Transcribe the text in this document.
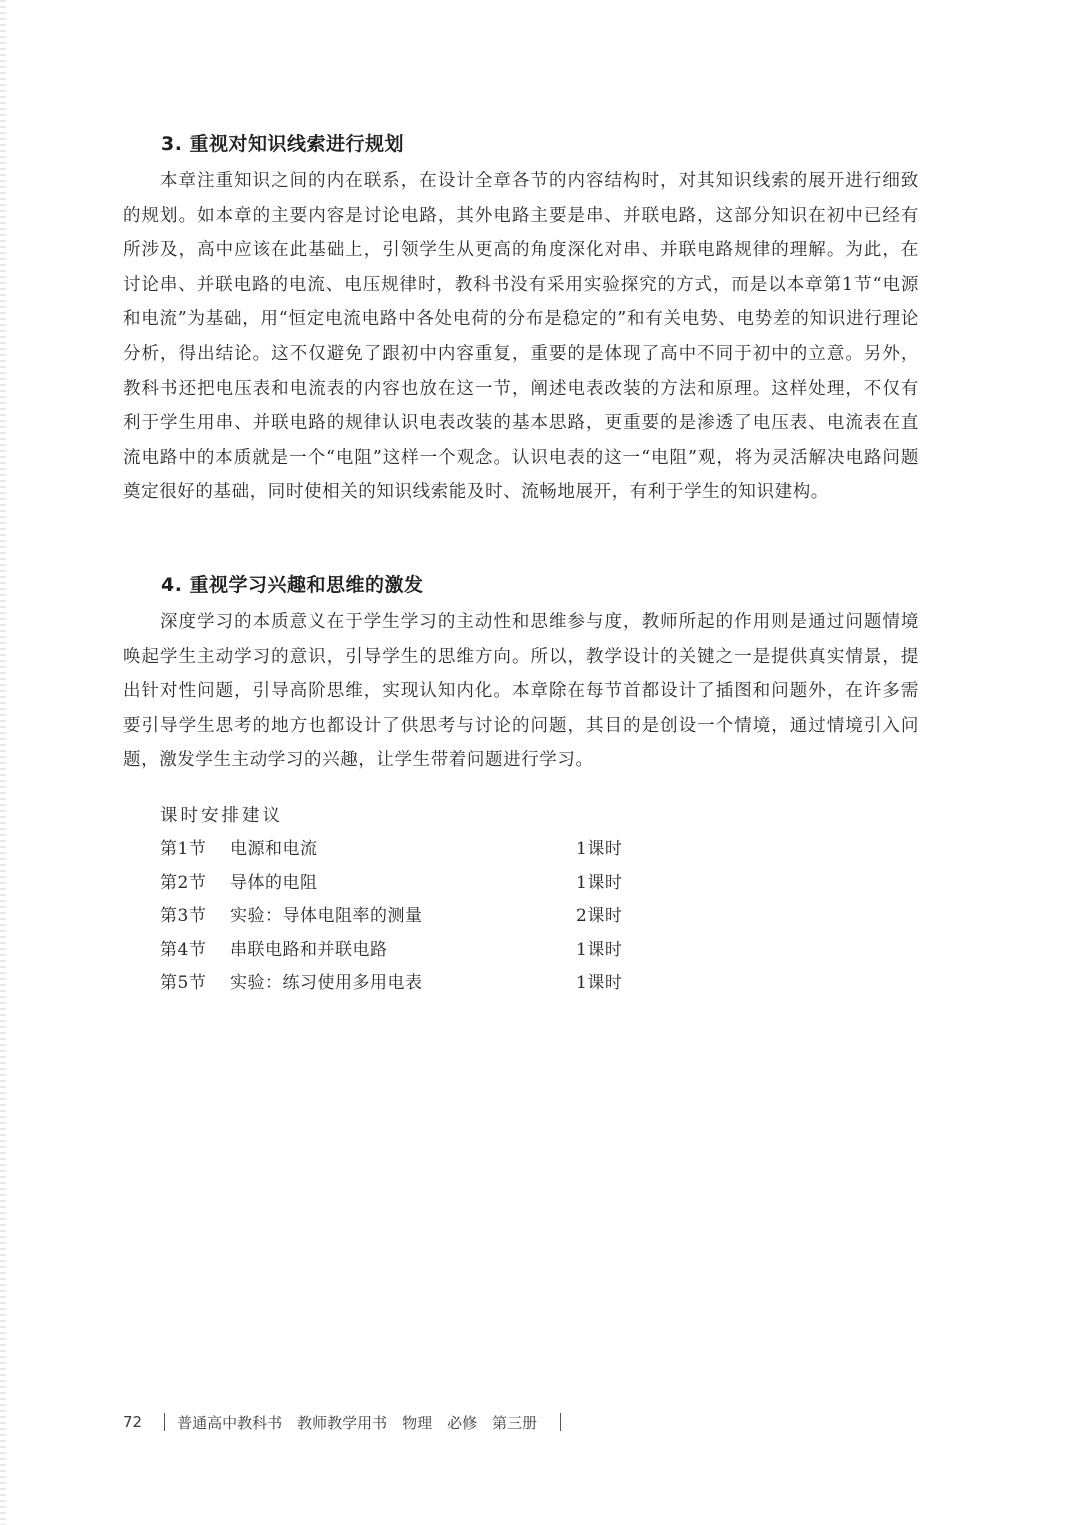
3. 重视对知识线索进行规划

本章注重知识之间的内在联系，在设计全章各节的内容结构时，对其知识线索的展开进行细致的规划。如本章的主要内容是讨论电路，其外电路主要是串、并联电路，这部分知识在初中已经有所涉及，高中应该在此基础上，引领学生从更高的角度深化对串、并联电路规律的理解。为此，在讨论串、并联电路的电流、电压规律时，教科书没有采用实验探究的方式，而是以本章第1节“电源和电流”为基础，用“恒定电流电路中各处电荷的分布是稳定的”和有关电势、电势差的知识进行理论分析，得出结论。这不仅避免了跟初中内容重复，重要的是体现了高中不同于初中的立意。另外，教科书还把电压表和电流表的内容也放在这一节，阐述电表改装的方法和原理。这样处理，不仅有利于学生用串、并联电路的规律认识电表改装的基本思路，更重要的是渗透了电压表、电流表在直流电路中的本质就是一个“电阻”这样一个观念。认识电表的这一“电阻”观，将为灵活解决电路问题奠定很好的基础，同时使相关的知识线索能及时、流畅地展开，有利于学生的知识建构。

4. 重视学习兴趣和思维的激发

深度学习的本质意义在于学生学习的主动性和思维参与度，教师所起的作用则是通过问题情境唤起学生主动学习的意识，引导学生的思维方向。所以，教学设计的关键之一是提供真实情景，提出针对性问题，引导高阶思维，实现认知内化。本章除在每节首都设计了插图和问题外，在许多需要引导学生思考的地方也都设计了供思考与讨论的问题，其目的是创设一个情境，通过情境引入问题，激发学生主动学习的兴趣，让学生带着问题进行学习。

课时安排建议
第1节	电源和电流	1课时
第2节	导体的电阻	1课时
第3节	实验：导体电阻率的测量	2课时
第4节	串联电路和并联电路	1课时
第5节	实验：练习使用多用电表	1课时
72 普通高中教科书 教师教学用书 物理 必修 第三册
